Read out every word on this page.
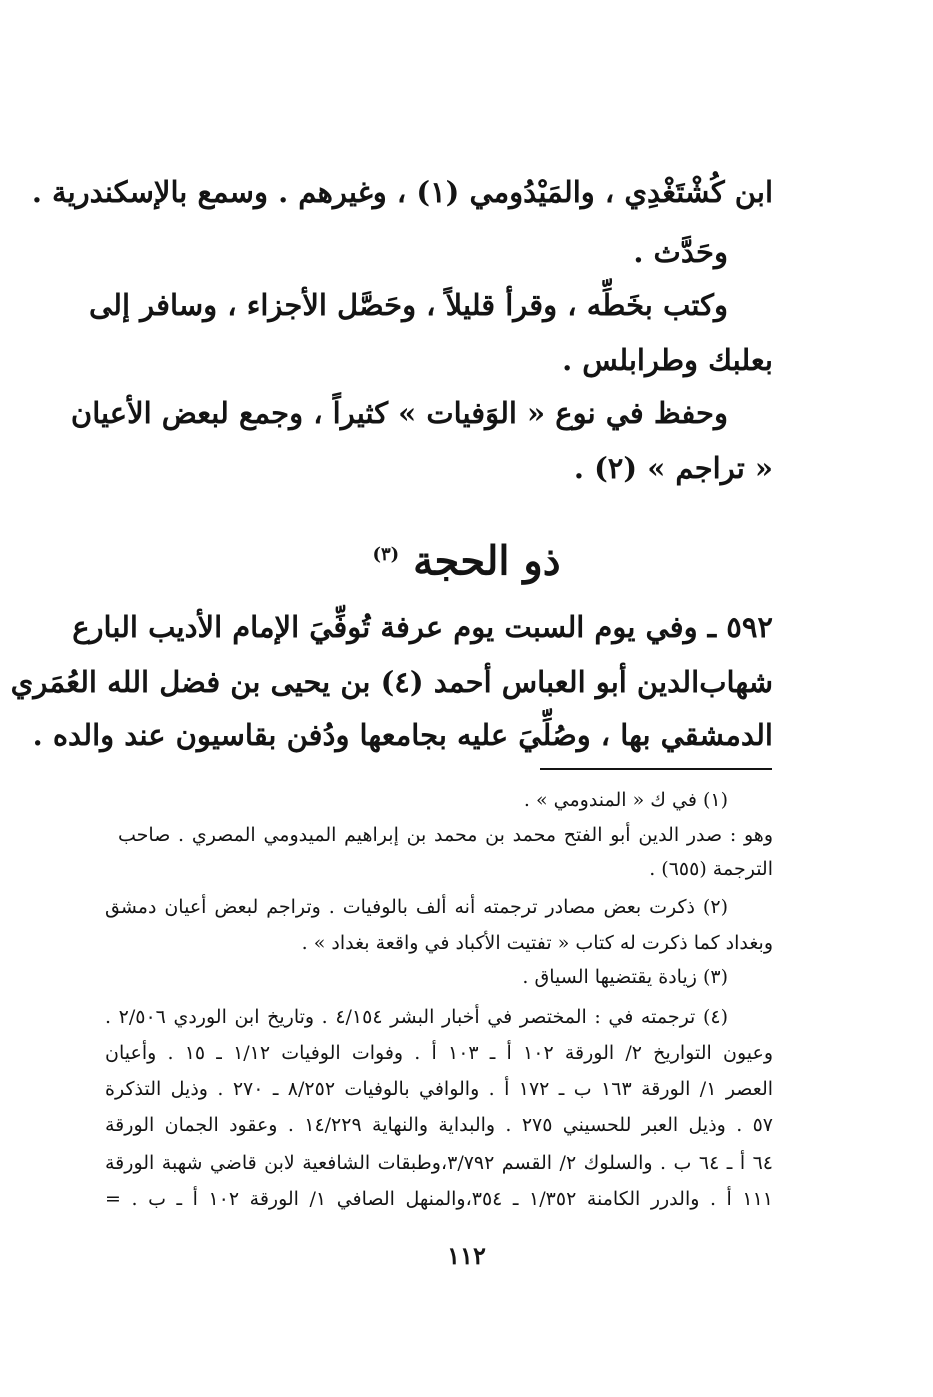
ابن كُشْتَغْدِي ، والمَيْدُومي (١) ، وغيرهم . وسمع بالإسكندرية .
وحَدَّث .
وكتب بخَطِّه ، وقرأ قليلاً ، وحَصَّل الأجزاء ، وسافر إلى
بعلبك وطرابلس .
وحفظ في نوع « الوَفيات » كثيراً ، وجمع لبعض الأعيان
« تراجم » (٢) .
ذو الحجة $^{(٣)}$
٥٩٢ ـ وفي يوم السبت يوم عرفة تُوفِّيَ الإمام الأديب البارع
شهاب‌الدين أبو العباس أحمد (٤) بن يحيى بن فضل الله العُمَري
الدمشقي بها ، وصُلِّيَ عليه بجامعها ودُفن بقاسيون عند والده .
(١) في ك « المندومي » .
وهو : صدر الدين أبو الفتح محمد بن محمد بن إبراهيم الميدومي المصري . صاحب
الترجمة (٦٥٥) .
(٢) ذكرت بعض مصادر ترجمته أنه ألف بالوفيات . وتراجم لبعض أعيان دمشق
وبغداد كما ذكرت له كتاب « تفتيت الأكباد في واقعة بغداد » .
(٣) زيادة يقتضيها السياق .
(٤) ترجمته في : المختصر في أخبار البشر ٤/١٥٤ . وتاريخ ابن الوردي ٢/٥٠٦ .
وعيون التواريخ ٢/ الورقة ١٠٢ أ ـ ١٠٣ أ . وفوات الوفيات ١/١٢ ـ ١٥ . وأعيان
العصر ١/ الورقة ١٦٣ ب ـ ١٧٢ أ . والوافي بالوفيات ٨/٢٥٢ ـ ٢٧٠ . وذيل التذكرة
٥٧ . وذيل العبر للحسيني ٢٧٥ . والبداية والنهاية ١٤/٢٢٩ . وعقود الجمان الورقة
٦٤ أ ـ ٦٤ ب . والسلوك ٢/ القسم ٣/٧٩٢،وطبقات الشافعية لابن قاضي شهبة الورقة
١١١ أ . والدرر الكامنة ١/٣٥٢ ـ ٣٥٤،والمنهل الصافي ١/ الورقة ١٠٢ أ ـ ب . =
١١٢
